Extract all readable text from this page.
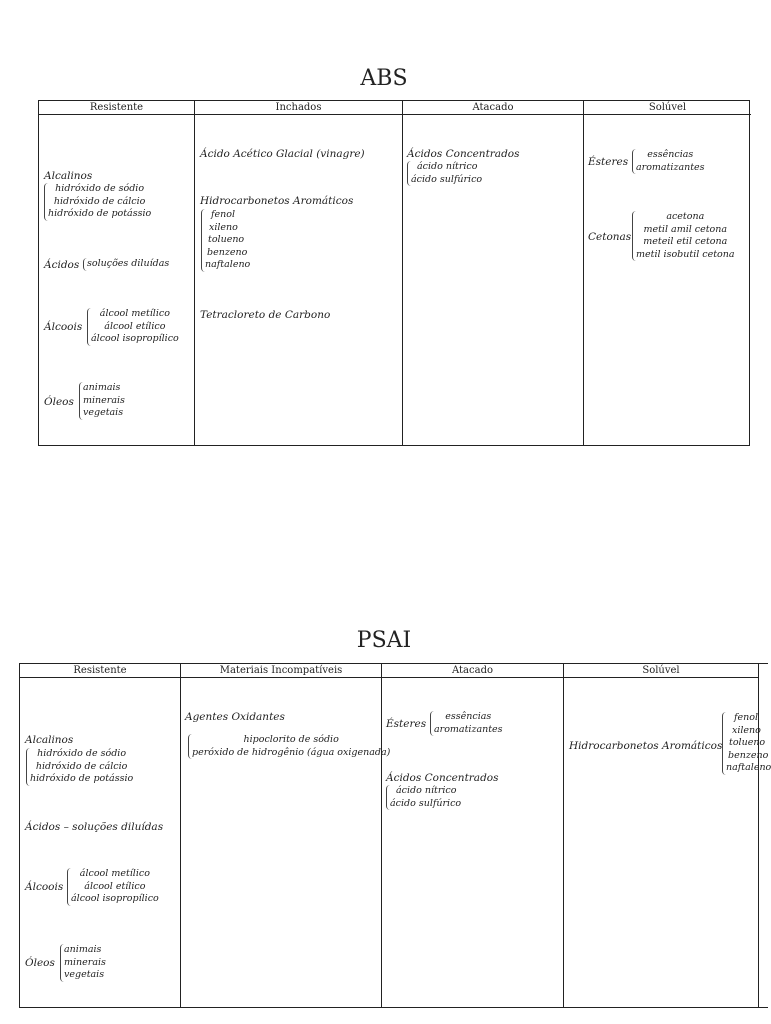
ABS
Resistente
Alcalinos
hidróxido de sódio
hidróxido de cálcio
hidróxido de potássio
Ácidos soluções diluídas
Álcoois
álcool metílico
álcool etílico
álcool isopropílico
Óleos
animais
minerais
vegetais
Inchados
Ácido Acético Glacial (vinagre)
Hidrocarbonetos Aromáticos
fenol
xileno
tolueno
benzeno
naftaleno
Tetracloreto de Carbono
Atacado
Ácidos Concentrados
ácido nítrico
ácido sulfúrico
Solúvel
Ésteres
essências
aromatizantes
Cetonas
acetona
metil amil cetona
meteil etil cetona
metil isobutil cetona
PSAI
Resistente
Alcalinos
hidróxido de sódio
hidróxido de cálcio
hidróxido de potássio
Ácidos – soluções diluídas
Álcoois
álcool metílico
álcool etílico
álcool isopropílico
Óleos
animais
minerais
vegetais
Materiais Incompatíveis
Agentes Oxidantes
hipoclorito de sódio
peróxido de hidrogênio (água oxigenada)
Atacado
Ésteres
essências
aromatizantes
Ácidos Concentrados
ácido nítrico
ácido sulfúrico
Solúvel
Hidrocarbonetos Aromáticos
fenol
xileno
tolueno
benzeno
naftaleno
